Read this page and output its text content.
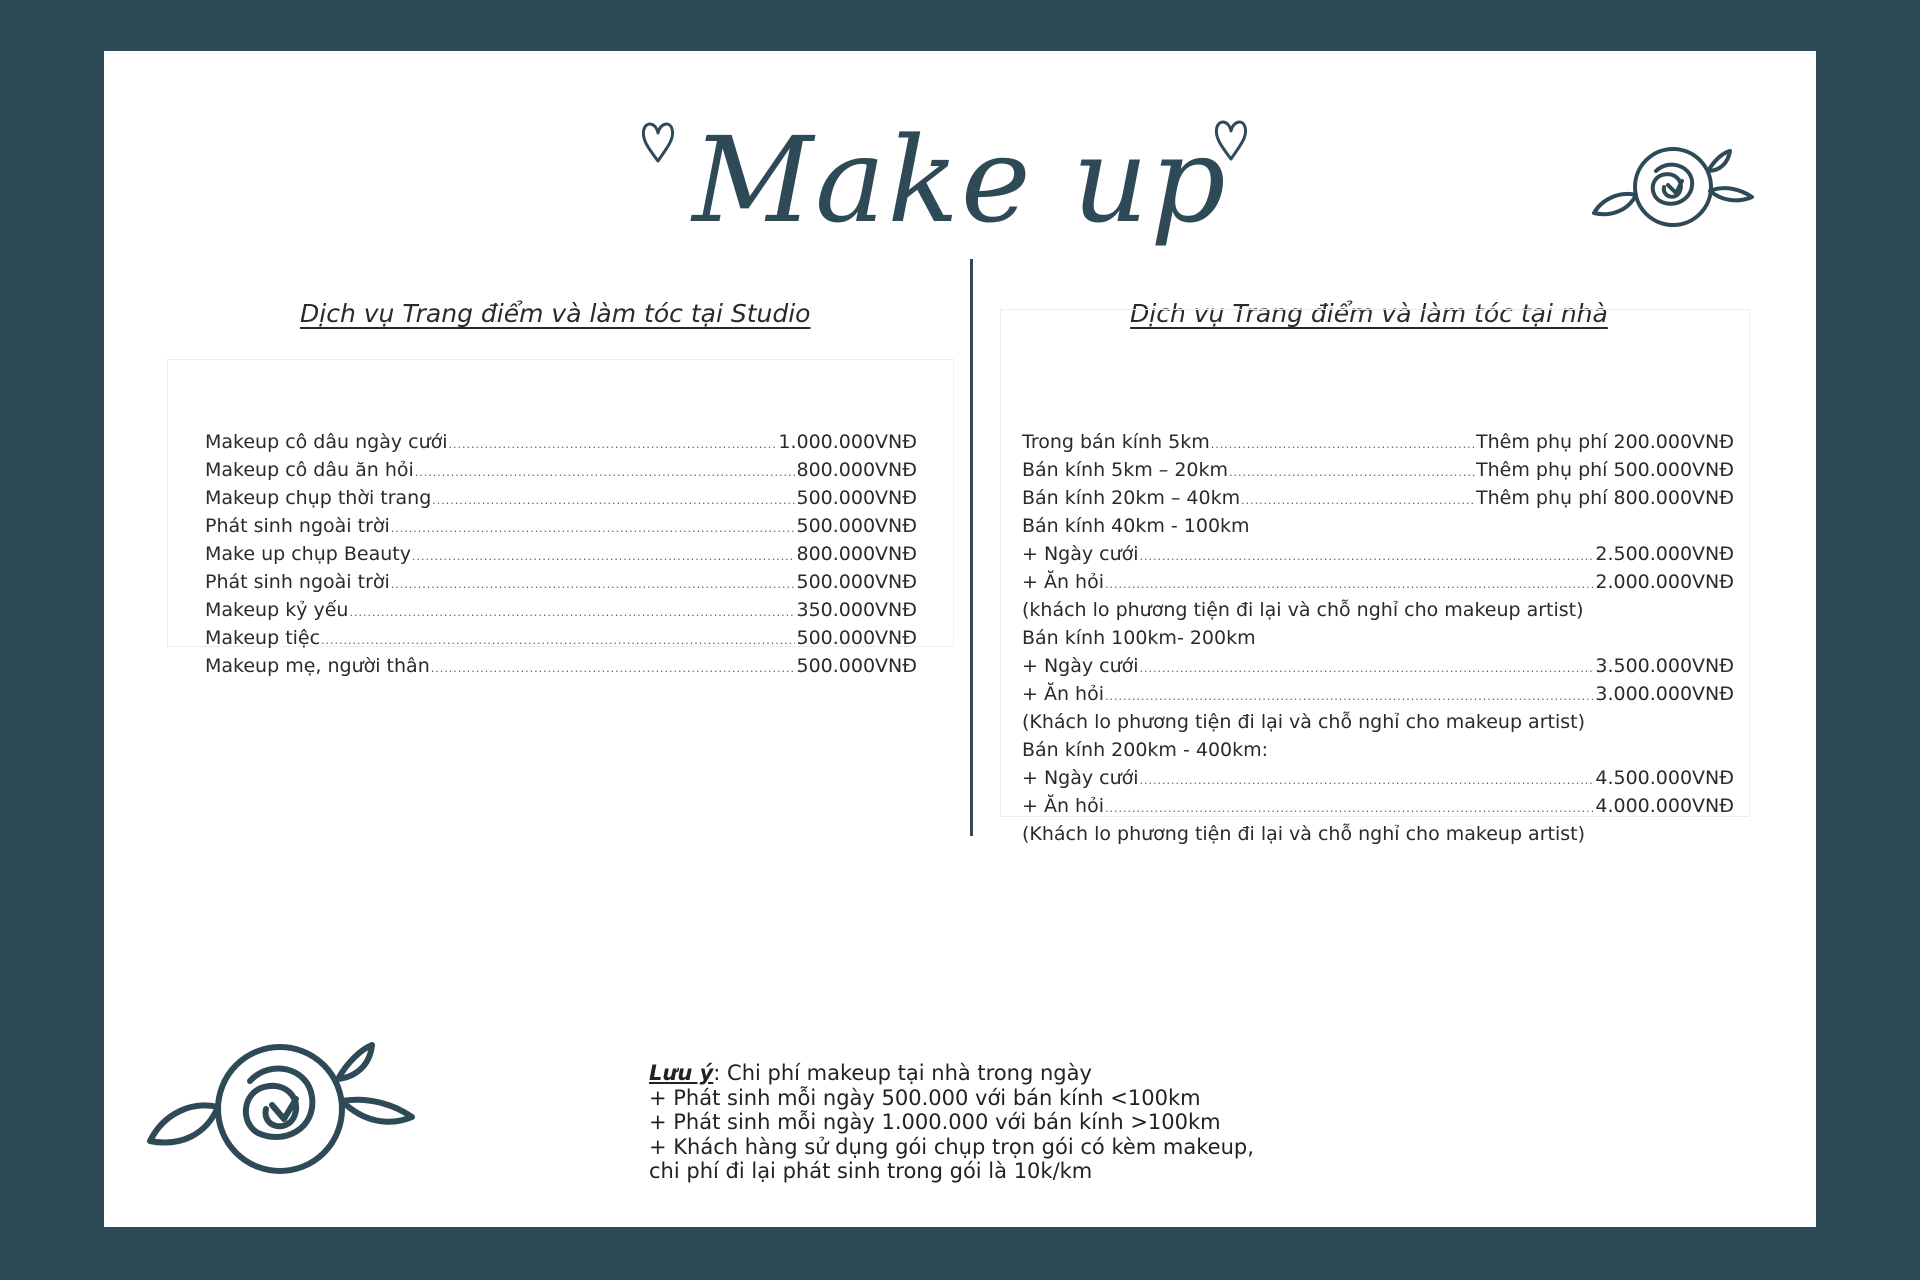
Make up
Dịch vụ Trang điểm và làm tóc tại Studio
Makeup cô dâu ngày cưới .....	1.000.000VNĐ
Makeup cô dâu ăn hỏi .....	800.000VNĐ
Makeup chụp thời trang .....	500.000VNĐ
Phát sinh ngoài trời .....	500.000VNĐ
Make up chụp Beauty .....	800.000VNĐ
Phát sinh ngoài trời .....	500.000VNĐ
Makeup kỷ yếu .....	350.000VNĐ
Makeup tiệc .....	500.000VNĐ
Makeup mẹ, người thân .....	500.000VNĐ
Dịch vụ Trang điểm và làm tóc tại nhà
Trong bán kính 5km .....	Thêm phụ phí 200.000VNĐ
Bán kính 5km – 20km .....	Thêm phụ phí 500.000VNĐ
Bán kính 20km – 40km .....	Thêm phụ phí 800.000VNĐ
Bán kính 40km - 100km
+ Ngày cưới .....	2.500.000VNĐ
+ Ăn hỏi .....	2.000.000VNĐ
(khách lo phương tiện đi lại và chỗ nghỉ cho makeup artist)
Bán kính 100km- 200km
+ Ngày cưới .....	3.500.000VNĐ
+ Ăn hỏi .....	3.000.000VNĐ
(Khách lo phương tiện đi lại và chỗ nghỉ cho makeup artist)
Bán kính 200km - 400km:
+ Ngày cưới .....	4.500.000VNĐ
+ Ăn hỏi .....	4.000.000VNĐ
(Khách lo phương tiện đi lại và chỗ nghỉ cho makeup artist)
Lưu ý: Chi phí makeup tại nhà trong ngày
+ Phát sinh mỗi ngày 500.000 với bán kính <100km
+ Phát sinh mỗi ngày 1.000.000 với bán kính >100km
+ Khách hàng sử dụng gói chụp trọn gói có kèm makeup,
chi phí đi lại phát sinh trong gói là 10k/km
